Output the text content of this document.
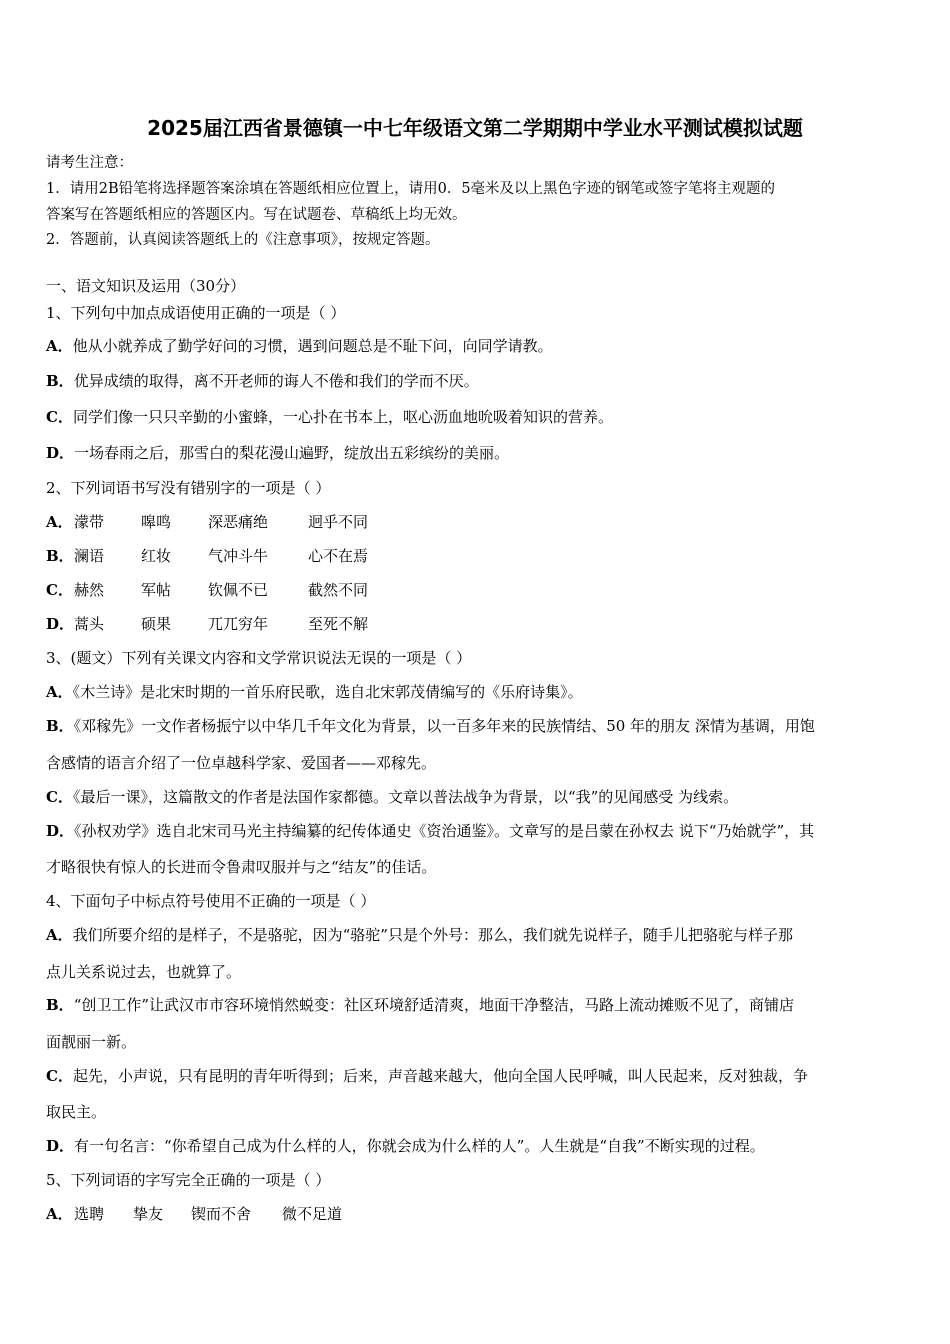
2025届江西省景德镇一中七年级语文第二学期期中学业水平测试模拟试题
请考生注意：
1．请用2B铅笔将选择题答案涂填在答题纸相应位置上，请用0．5毫米及以上黑色字迹的钢笔或签字笔将主观题的
答案写在答题纸相应的答题区内。写在试题卷、草稿纸上均无效。
2．答题前，认真阅读答题纸上的《注意事项》，按规定答题。
一、语文知识及运用（30分）
1、下列句中加点成语使用正确的一项是（ ）
A．他从小就养成了勤学好问的习惯，遇到问题总是不耻下问，向同学请教。
B．优异成绩的取得，离不开老师的诲人不倦和我们的学而不厌。
C．同学们像一只只辛勤的小蜜蜂，一心扑在书本上，呕心沥血地吮吸着知识的营养。
D．一场春雨之后，那雪白的梨花漫山遍野，绽放出五彩缤纷的美丽。
2、下列词语书写没有错别字的一项是（ ）
A．濛带 嗥鸣 深恶痛绝	迥乎不同
B．澜语 红妆 气冲斗牛	心不在焉
C．赫然 军帖 钦佩不已	截然不同
D．蒿头 硕果 兀兀穷年	至死不解
3、(题文）下列有关课文内容和文学常识说法无误的一项是（ ）
A．《木兰诗》是北宋时期的一首乐府民歌，选自北宋郭茂倩编写的《乐府诗集》。
B．《邓稼先》一文作者杨振宁以中华几千年文化为背景，以一百多年来的民族情结、50 年的朋友 深情为基调，用饱
含感情的语言介绍了一位卓越科学家、爱国者——邓稼先。
C．《最后一课》，这篇散文的作者是法国作家都德。文章以普法战争为背景，以“我”的见闻感受 为线索。
D．《孙权劝学》选自北宋司马光主持编纂的纪传体通史《资治通鉴》。文章写的是吕蒙在孙权去 说下“乃始就学”，其
才略很快有惊人的长进而令鲁肃叹服并与之“结友”的佳话。
4、下面句子中标点符号使用不正确的一项是（ ）
A．我们所要介绍的是样子，不是骆驼，因为“骆驼”只是个外号：那么，我们就先说样子，随手儿把骆驼与样子那
点儿关系说过去，也就算了。
B．“创卫工作”让武汉市市容环境悄然蜕变：社区环境舒适清爽，地面干净整洁，马路上流动摊贩不见了，商铺店
面靓丽一新。
C．起先，小声说，只有昆明的青年听得到；后来，声音越来越大，他向全国人民呼喊，叫人民起来，反对独裁，争
取民主。
D．有一句名言：“你希望自己成为什么样的人，你就会成为什么样的人”。人生就是“自我”不断实现的过程。
5、下列词语的字写完全正确的一项是（ ）
A．选聘 挚友 锲而不舍 微不足道
